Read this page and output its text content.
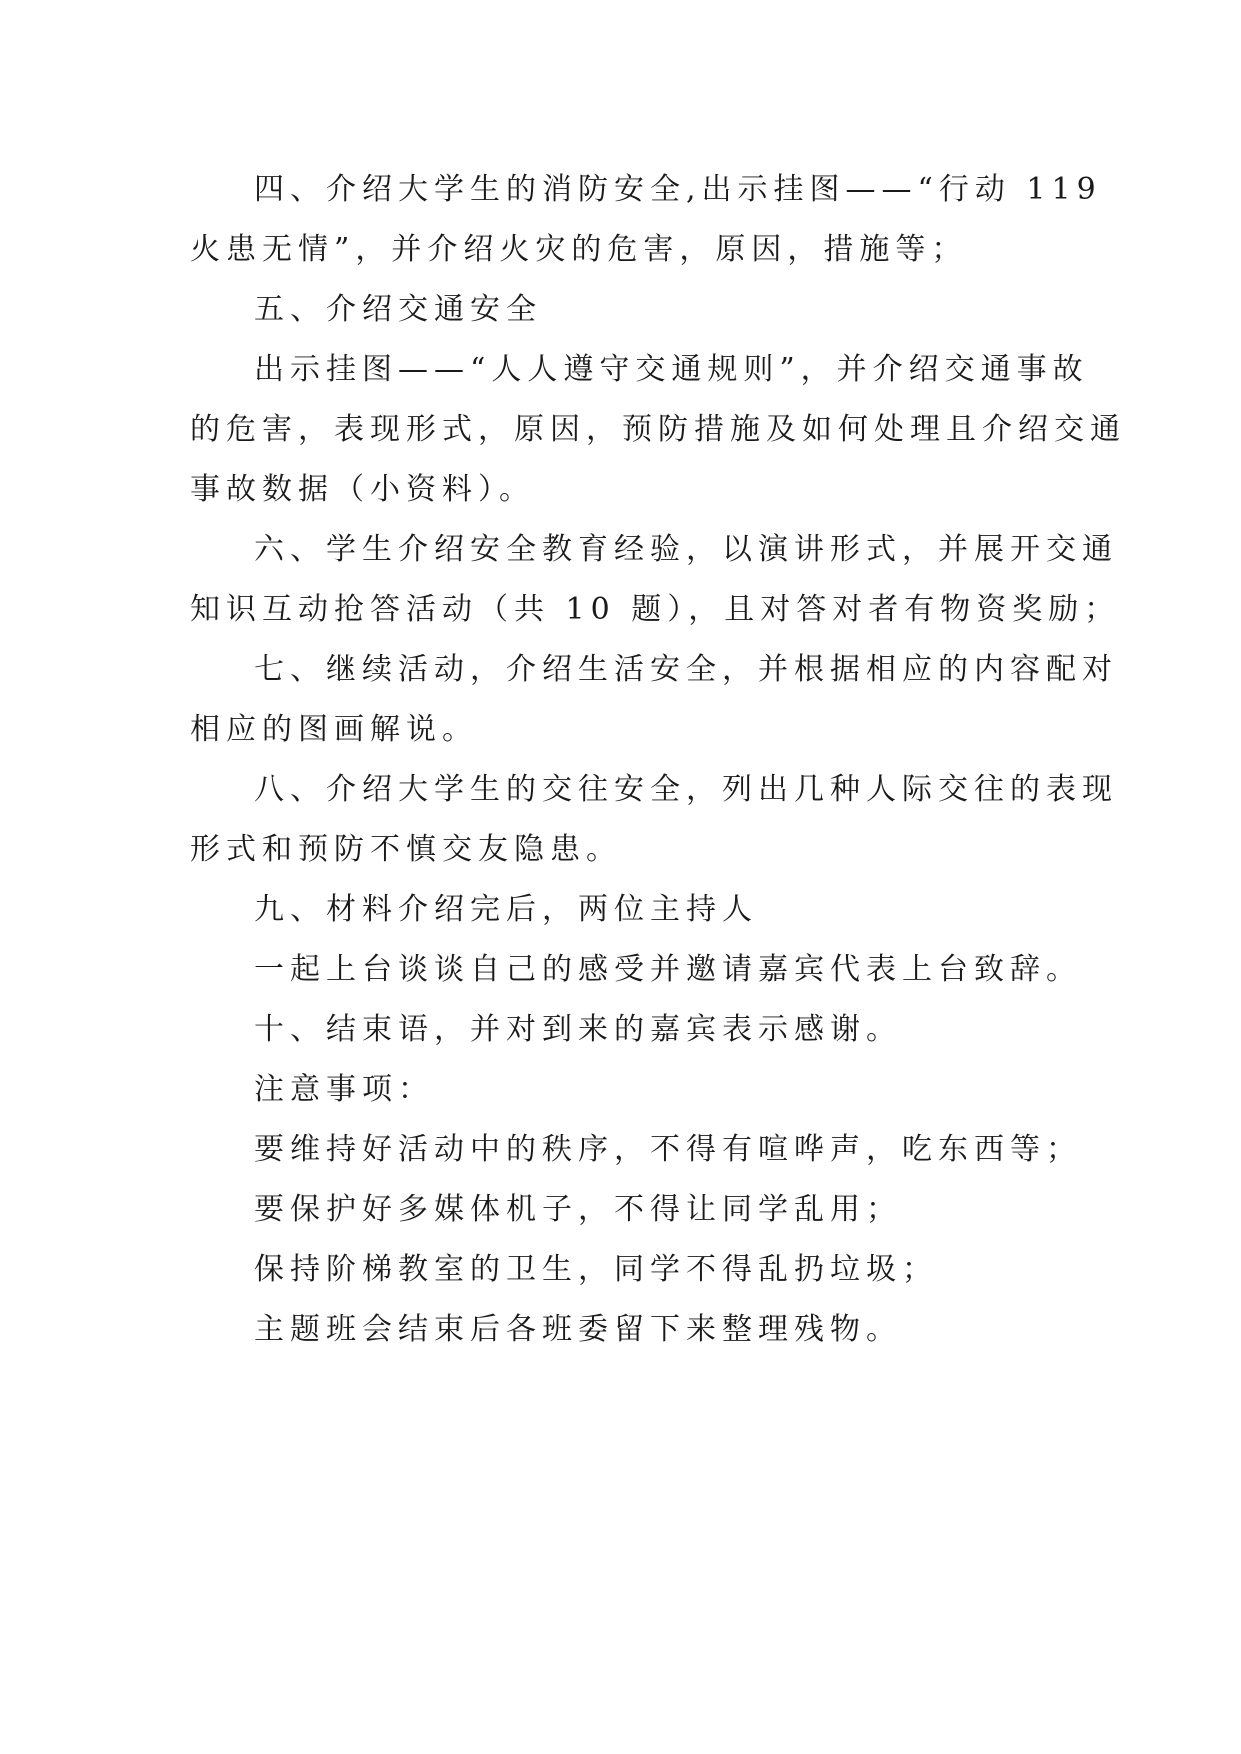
四、介绍大学生的消防安全,出示挂图——“行动 119
火患无情”，并介绍火灾的危害，原因，措施等；
五、介绍交通安全
出示挂图——“人人遵守交通规则”，并介绍交通事故
的危害，表现形式，原因，预防措施及如何处理且介绍交通
事故数据（小资料）。
六、学生介绍安全教育经验，以演讲形式，并展开交通
知识互动抢答活动（共 10 题），且对答对者有物资奖励；
七、继续活动，介绍生活安全，并根据相应的内容配对
相应的图画解说。
八、介绍大学生的交往安全，列出几种人际交往的表现
形式和预防不慎交友隐患。
九、材料介绍完后，两位主持人
一起上台谈谈自己的感受并邀请嘉宾代表上台致辞。
十、结束语，并对到来的嘉宾表示感谢。
注意事项：
要维持好活动中的秩序，不得有喧哗声，吃东西等；
要保护好多媒体机子，不得让同学乱用；
保持阶梯教室的卫生，同学不得乱扔垃圾；
主题班会结束后各班委留下来整理残物。
